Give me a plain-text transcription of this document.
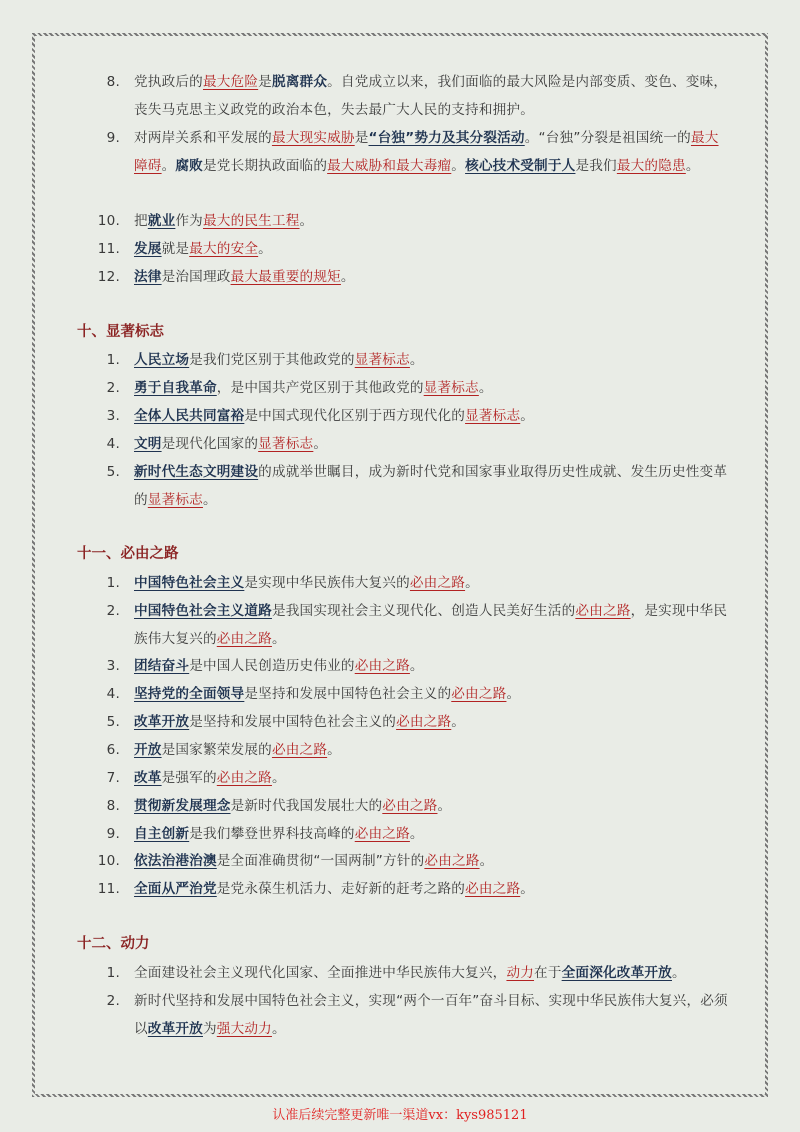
8. 党执政后的最大危险是脱离群众。自党成立以来，我们面临的最大风险是内部变质、变色、变味，丧失马克思主义政党的政治本色，失去最广大人民的支持和拥护。
9. 对两岸关系和平发展的最大现实威胁是“台独”势力及其分裂活动。“台独”分裂是祖国统一的最大障碍。腐败是党长期执政面临的最大威胁和最大毒瘤。核心技术受制于人是我们最大的隐患。
10. 把就业作为最大的民生工程。
11. 发展就是最大的安全。
12. 法律是治国理政最大最重要的规矩。
十、显著标志
1. 人民立场是我们党区别于其他政党的显著标志。
2. 勇于自我革命，是中国共产党区别于其他政党的显著标志。
3. 全体人民共同富裕是中国式现代化区别于西方现代化的显著标志。
4. 文明是现代化国家的显著标志。
5. 新时代生态文明建设的成就举世瞩目，成为新时代党和国家事业取得历史性成就、发生历史性变革的显著标志。
十一、必由之路
1. 中国特色社会主义是实现中华民族伟大复兴的必由之路。
2. 中国特色社会主义道路是我国实现社会主义现代化、创造人民美好生活的必由之路，是实现中华民族伟大复兴的必由之路。
3. 团结奋斗是中国人民创造历史伟业的必由之路。
4. 坚持党的全面领导是坚持和发展中国特色社会主义的必由之路。
5. 改革开放是坚持和发展中国特色社会主义的必由之路。
6. 开放是国家繁荣发展的必由之路。
7. 改革是强军的必由之路。
8. 贯彻新发展理念是新时代我国发展壮大的必由之路。
9. 自主创新是我们攀登世界科技高峰的必由之路。
10. 依法治港治澳是全面准确贯彻“一国两制”方针的必由之路。
11. 全面从严治党是党永葆生机活力、走好新的赶考之路的必由之路。
十二、动力
1. 全面建设社会主义现代化国家、全面推进中华民族伟大复兴，动力在于全面深化改革开放。
2. 新时代坚持和发展中国特色社会主义，实现“两个一百年”奋斗目标、实现中华民族伟大复兴，必须以改革开放为强大动力。
认准后续完整更新唯一渠道vx：kys985121
